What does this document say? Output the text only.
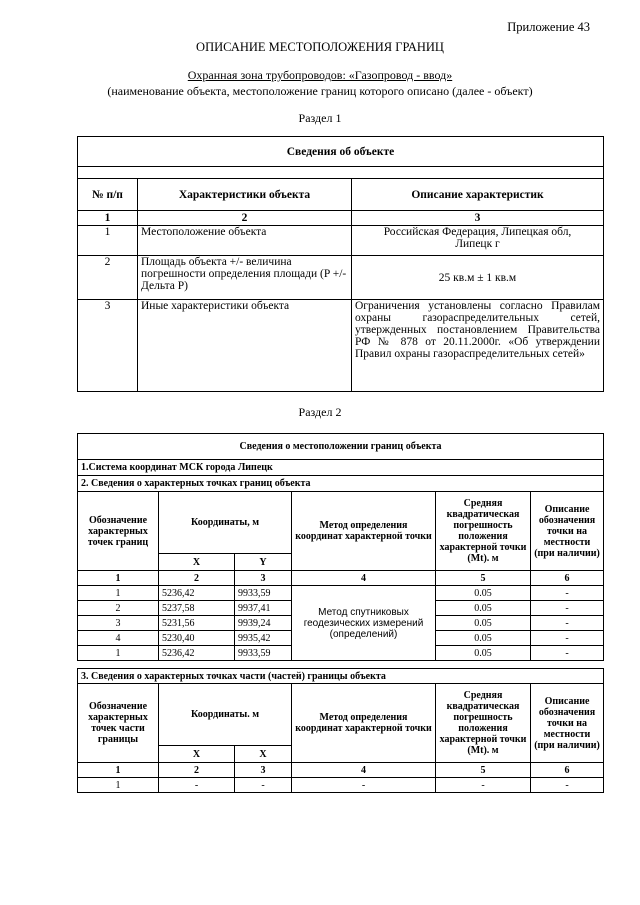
Приложение 43
ОПИСАНИЕ МЕСТОПОЛОЖЕНИЯ ГРАНИЦ
Охранная зона трубопроводов: «Газопровод - ввод»
(наименование объекта, местоположение границ которого описано (далее - объект)
Раздел 1
Сведения об объекте		

№ п/п	Характеристики объекта	Описание характеристик
1	2	3
1	Местоположение объекта	Российская Федерация, Липецкая обл, Липецк г
2	Площадь объекта +/- величина погрешности определения площади (P +/- Дельта P)	25 кв.м ± 1 кв.м
3	Иные характеристики объекта	Ограничения установлены согласно Правилам охраны газораспределительных сетей, утвержденных постановлением Правительства РФ № 878 от 20.11.2000г. «Об утверждении Правил охраны газораспределительных сетей»
Раздел 2
Сведения о местоположении границ объекта					
1.Система координат МСК города Липецк					
2. Сведения о характерных точках границ объекта					
Обозначение характерных точек границ	Координаты, м		Метод определения координат характерной точки	Средняя квадратическая погрешность положения характерной точки (Mt). м	Описание обозначения точки на местности (при наличии)
	X	Y			
1	2	3	4	5	6
1	5236,42	9933,59	Метод спутниковых геодезических измерений (определений)	0.05	-
2	5237,58	9937,41		0.05	-
3	5231,56	9939,24		0.05	-
4	5230,40	9935,42		0.05	-
1	5236,42	9933,59		0.05	-
3. Сведения о характерных точках части (частей) границы объекта					
Обозначение характерных точек части границы	Координаты. м		Метод определения координат характерной точки	Средняя квадратическая погрешность положения характерной точки (Mt). м	Описание обозначения точки на местности (при наличии)
	X	X			
1	2	3	4	5	6
1	-	-	-	-	-
